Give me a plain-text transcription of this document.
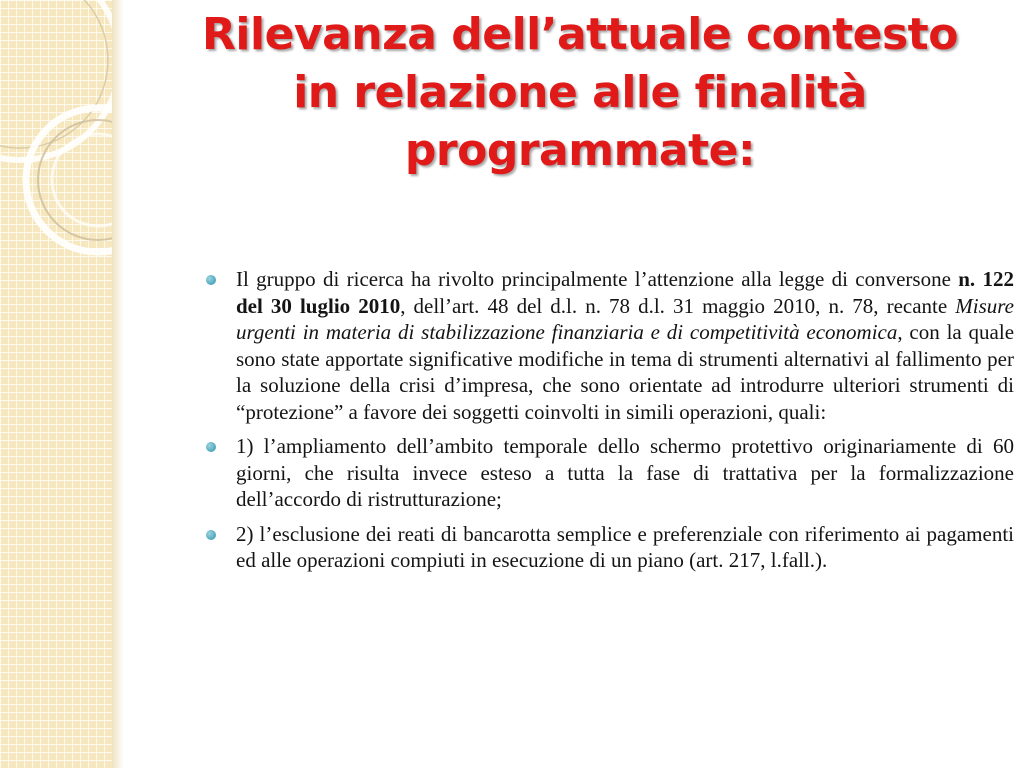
Rilevanza dell’attuale contesto
in relazione alle finalità
programmate:
Il gruppo di ricerca ha rivolto principalmente l’attenzione alla legge di conversone n. 122 del 30 luglio 2010, dell’art. 48 del d.l. n. 78 d.l. 31 maggio 2010, n. 78, recante Misure urgenti in materia di stabilizzazione finanziaria e di competitività economica, con la quale sono state apportate significative modifiche in tema di strumenti alternativi al fallimento per la soluzione della crisi d’impresa, che sono orientate ad introdurre ulteriori strumenti di “protezione” a favore dei soggetti coinvolti in simili operazioni, quali:
1) l’ampliamento dell’ambito temporale dello schermo protettivo originariamente di 60 giorni, che risulta invece esteso a tutta la fase di trattativa per la formalizzazione dell’accordo di ristrutturazione;
2) l’esclusione dei reati di bancarotta semplice e preferenziale con riferimento ai pagamenti ed alle operazioni compiuti in esecuzione di un piano (art. 217, l.fall.).
